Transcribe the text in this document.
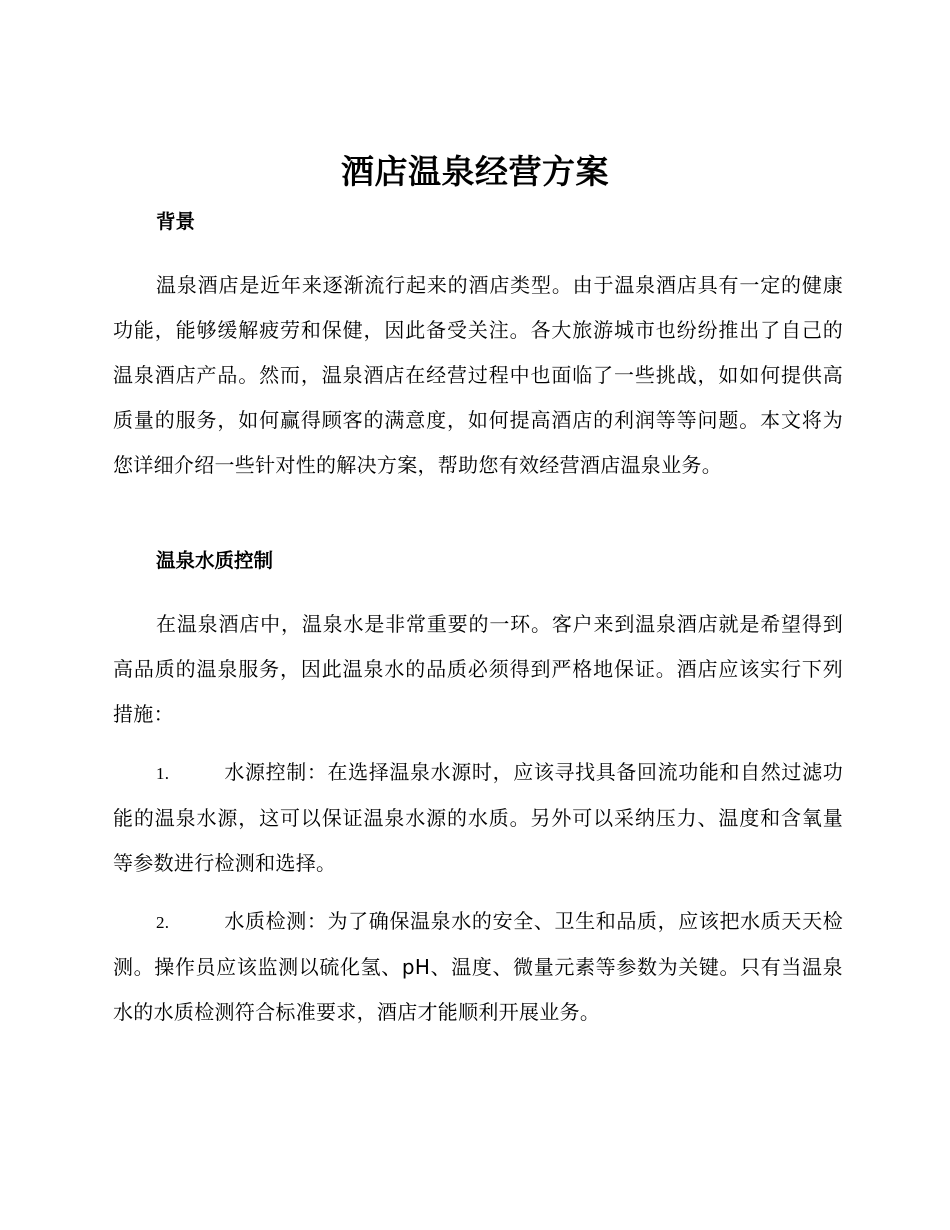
酒店温泉经营方案
背景
温泉酒店是近年来逐渐流行起来的酒店类型。由于温泉酒店具有一定的健康功能，能够缓解疲劳和保健，因此备受关注。各大旅游城市也纷纷推出了自己的温泉酒店产品。然而，温泉酒店在经营过程中也面临了一些挑战，如如何提供高质量的服务，如何赢得顾客的满意度，如何提高酒店的利润等等问题。本文将为您详细介绍一些针对性的解决方案，帮助您有效经营酒店温泉业务。
温泉水质控制
在温泉酒店中，温泉水是非常重要的一环。客户来到温泉酒店就是希望得到高品质的温泉服务，因此温泉水的品质必须得到严格地保证。酒店应该实行下列措施：
1.	水源控制：在选择温泉水源时，应该寻找具备回流功能和自然过滤功能的温泉水源，这可以保证温泉水源的水质。另外可以采纳压力、温度和含氧量等参数进行检测和选择。
2.	水质检测：为了确保温泉水的安全、卫生和品质，应该把水质天天检测。操作员应该监测以硫化氢、pH、温度、微量元素等参数为关键。只有当温泉水的水质检测符合标准要求，酒店才能顺利开展业务。
